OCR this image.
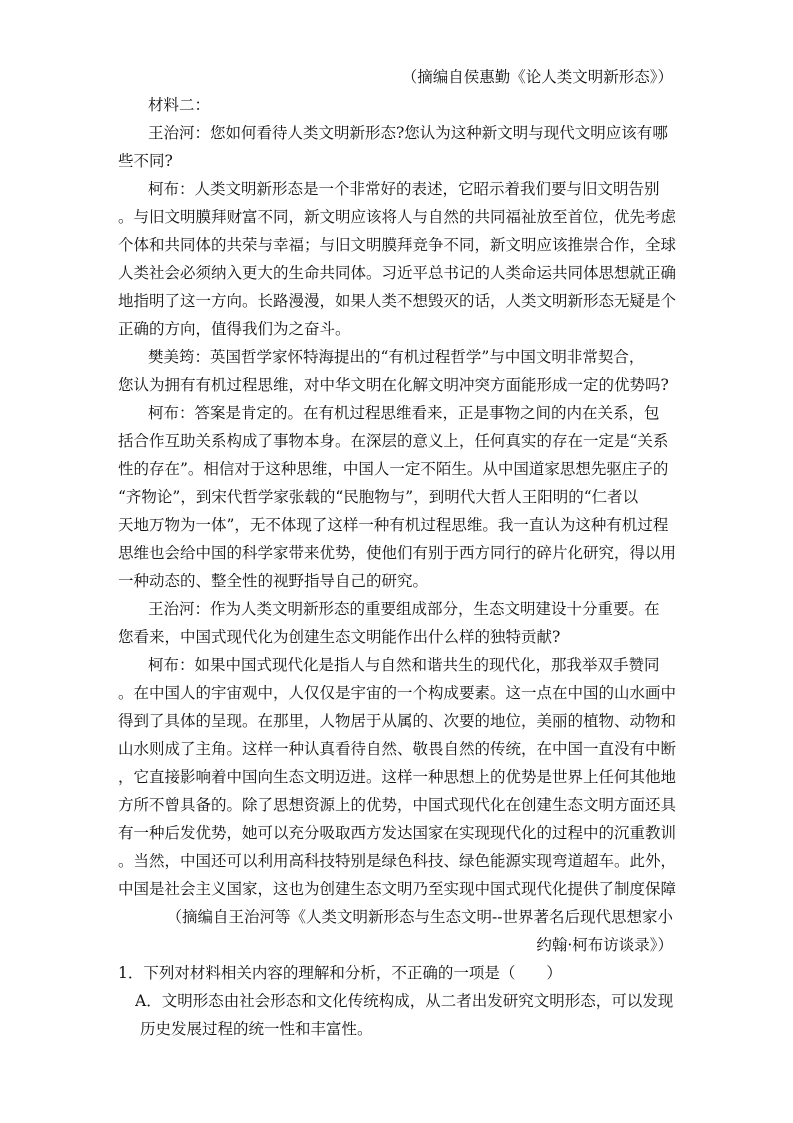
（摘编自侯惠勤《论人类文明新形态》）
材料二：
王治河：您如何看待人类文明新形态?您认为这种新文明与现代文明应该有哪
些不同?
柯布：人类文明新形态是一个非常好的表述，它昭示着我们要与旧文明告别
。与旧文明膜拜财富不同，新文明应该将人与自然的共同福祉放至首位，优先考虑
个体和共同体的共荣与幸福；与旧文明膜拜竞争不同，新文明应该推崇合作，全球
人类社会必须纳入更大的生命共同体。习近平总书记的人类命运共同体思想就正确
地指明了这一方向。长路漫漫，如果人类不想毁灭的话，人类文明新形态无疑是个
正确的方向，值得我们为之奋斗。
樊美筠：英国哲学家怀特海提出的“有机过程哲学”与中国文明非常契合，
您认为拥有有机过程思维，对中华文明在化解文明冲突方面能形成一定的优势吗?
柯布：答案是肯定的。在有机过程思维看来，正是事物之间的内在关系，包
括合作互助关系构成了事物本身。在深层的意义上，任何真实的存在一定是“关系
性的存在”。相信对于这种思维，中国人一定不陌生。从中国道家思想先驱庄子的
“齐物论”，到宋代哲学家张载的“民胞物与”，到明代大哲人王阳明的“仁者以
天地万物为一体”，无不体现了这样一种有机过程思维。我一直认为这种有机过程
思维也会给中国的科学家带来优势，使他们有别于西方同行的碎片化研究，得以用
一种动态的、整全性的视野指导自己的研究。
王治河：作为人类文明新形态的重要组成部分，生态文明建设十分重要。在
您看来，中国式现代化为创建生态文明能作出什么样的独特贡献?
柯布：如果中国式现代化是指人与自然和谐共生的现代化，那我举双手赞同
。在中国人的宇宙观中，人仅仅是宇宙的一个构成要素。这一点在中国的山水画中
得到了具体的呈现。在那里，人物居于从属的、次要的地位，美丽的植物、动物和
山水则成了主角。这样一种认真看待自然、敬畏自然的传统，在中国一直没有中断
，它直接影响着中国向生态文明迈进。这样一种思想上的优势是世界上任何其他地
方所不曾具备的。除了思想资源上的优势，中国式现代化在创建生态文明方面还具
有一种后发优势，她可以充分吸取西方发达国家在实现现代化的过程中的沉重教训
。当然，中国还可以利用高科技特别是绿色科技、绿色能源实现弯道超车。此外，
中国是社会主义国家，这也为创建生态文明乃至实现中国式现代化提供了制度保障
（摘编自王治河等《人类文明新形态与生态文明--世界著名后现代思想家小
约翰·柯布访谈录》）
1．下列对材料相关内容的理解和分析，不正确的一项是（　　）
A．文明形态由社会形态和文化传统构成，从二者出发研究文明形态，可以发现
历史发展过程的统一性和丰富性。
